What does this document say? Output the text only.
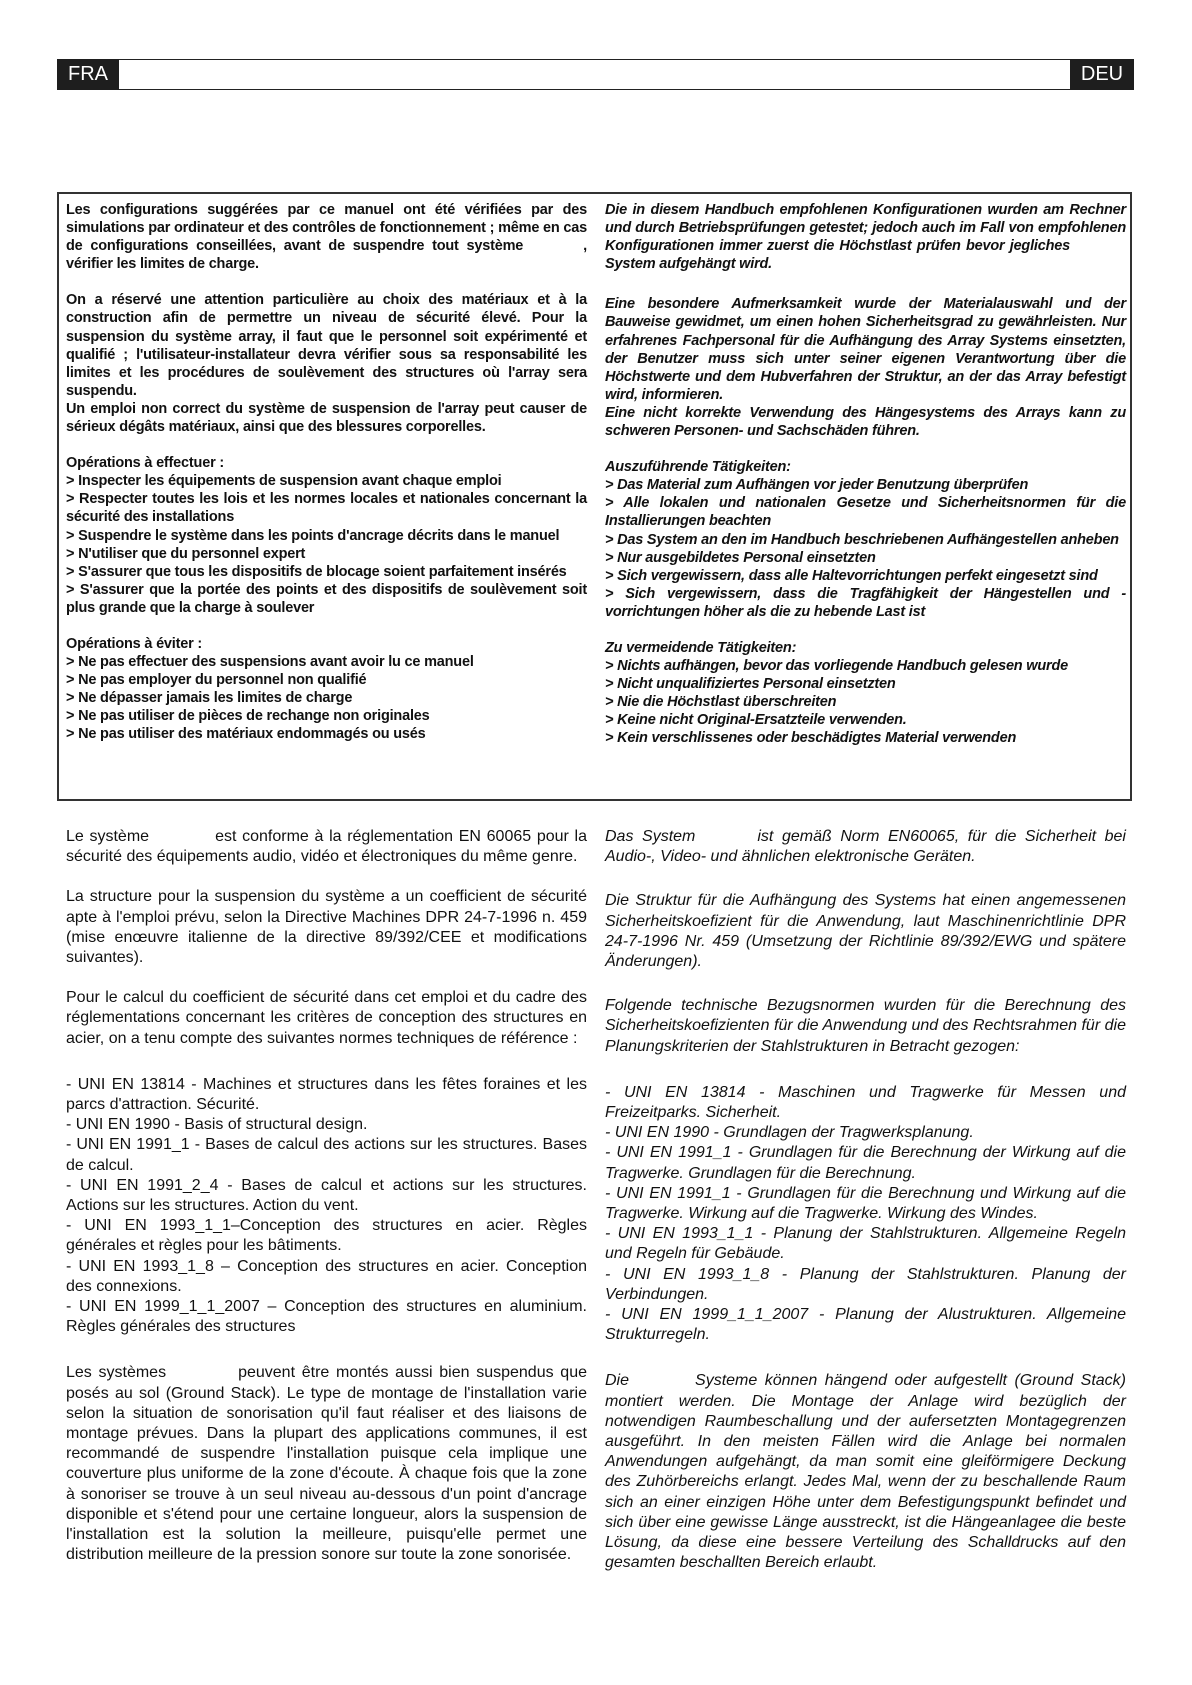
FRA	DEU

Les configurations suggérées par ce manuel ont été vérifiées par des simulations par ordinateur et des contrôles de fonctionnement ; même en cas de configurations conseillées, avant de suspendre tout système	, vérifier les limites de charge.

On a réservé une attention particulière au choix des matériaux et à la construction afin de permettre un niveau de sécurité élevé. Pour la suspension du système array, il faut que le personnel soit expérimenté et qualifié ; l'utilisateur-installateur devra vérifier sous sa responsabilité les limites et les procédures de soulèvement des structures où l'array sera suspendu.

Un emploi non correct du système de suspension de l'array peut causer de sérieux dégâts matériaux, ainsi que des blessures corporelles.

Opérations à effectuer :

> Inspecter les équipements de suspension avant chaque emploi

> Respecter toutes les lois et les normes locales et nationales concernant la sécurité des installations

> Suspendre le système dans les points d'ancrage décrits dans le manuel

> N'utiliser que du personnel expert

> S'assurer que tous les dispositifs de blocage soient parfaitement insérés

> S'assurer que la portée des points et des dispositifs de soulèvement soit plus grande que la charge à soulever

Opérations à éviter :

> Ne pas effectuer des suspensions avant avoir lu ce manuel

> Ne pas employer du personnel non qualifié

> Ne dépasser jamais les limites de charge

> Ne pas utiliser de pièces de rechange non originales

> Ne pas utiliser des matériaux endommagés ou usés

Die in diesem Handbuch empfohlenen Konfigurationen wurden am Rechner und durch Betriebsprüfungen getestet; jedoch auch im Fall von empfohlenen Konfigurationen immer zuerst die Höchstlast prüfen bevor jeglichesSystem aufgehängt wird.

Eine besondere Aufmerksamkeit wurde der Materialauswahl und der Bauweise gewidmet, um einen hohen Sicherheitsgrad zu gewährleisten. Nur erfahrenes Fachpersonal für die Aufhängung des Array Systems einsetzten, der Benutzer muss sich unter seiner eigenen Verantwortung über die Höchstwerte und dem Hubverfahren der Struktur, an der das Array befestigt wird, informieren.

Eine nicht korrekte Verwendung des Hängesystems des Arrays kann zu schweren Personen- und Sachschäden führen.

Auszuführende Tätigkeiten:

> Das Material zum Aufhängen vor jeder Benutzung überprüfen

> Alle lokalen und nationalen Gesetze und Sicherheitsnormen für die Installierungen beachten

> Das System an den im Handbuch beschriebenen Aufhängestellen anheben

> Nur ausgebildetes Personal einsetzten

> Sich vergewissern, dass alle Haltevorrichtungen perfekt eingesetzt sind

> Sich vergewissern, dass die Tragfähigkeit der Hängestellen und -vorrichtungen höher als die zu hebende Last ist

Zu vermeidende Tätigkeiten:

> Nichts aufhängen, bevor das vorliegende Handbuch gelesen wurde

> Nicht unqualifiziertes Personal einsetzten

> Nie die Höchstlast überschreiten

> Keine nicht Original-Ersatzteile verwenden.

> Kein verschlissenes oder beschädigtes Material verwenden

Le système	est conforme à la réglementation EN 60065 pour la sécurité des équipements audio, vidéo et électroniques du même genre.

La structure pour la suspension du système a un coefficient de sécurité apte à l'emploi prévu, selon la Directive Machines DPR 24-7-1996 n. 459 (mise enœuvre italienne de la directive 89/392/CEE et modifications suivantes).

Pour le calcul du coefficient de sécurité dans cet emploi et du cadre des réglementations concernant les critères de conception des structures en acier, on a tenu compte des suivantes normes techniques de référence :

- UNI EN 13814 - Machines et structures dans les fêtes foraines et les parcs d'attraction. Sécurité.

- UNI EN 1990 - Basis of structural design.

- UNI EN 1991_1 - Bases de calcul des actions sur les structures. Bases de calcul.

- UNI EN 1991_2_4 - Bases de calcul et actions sur les structures. Actions sur les structures. Action du vent.

- UNI EN 1993_1_1–Conception des structures en acier. Règles générales et règles pour les bâtiments.

- UNI EN 1993_1_8 – Conception des structures en acier. Conception des connexions.

- UNI EN 1999_1_1_2007 – Conception des structures en aluminium. Règles générales des structures

Les systèmes	peuvent être montés aussi bien suspendus que posés au sol (Ground Stack). Le type de montage de l'installation varie selon la situation de sonorisation qu'il faut réaliser et des liaisons de montage prévues. Dans la plupart des applications communes, il est recommandé de suspendre l'installation puisque cela implique une couverture plus uniforme de la zone d'écoute. À chaque fois que la zone à sonoriser se trouve à un seul niveau au-dessous d'un point d'ancrage disponible et s'étend pour une certaine longueur, alors la suspension de l'installation est la solution la meilleure, puisqu'elle permet une distribution meilleure de la pression sonore sur toute la zone sonorisée.

Das System	ist gemäß Norm EN60065, für die Sicherheit bei Audio-, Video- und ähnlichen elektronische Geräten.

Die Struktur für die Aufhängung des Systems hat einen angemessenen Sicherheitskoefizient für die Anwendung, laut Maschinenrichtlinie DPR 24-7-1996 Nr. 459 (Umsetzung der Richtlinie 89/392/EWG und spätere Änderungen).

Folgende technische Bezugsnormen wurden für die Berechnung des Sicherheitskoefizienten für die Anwendung und des Rechtsrahmen für die Planungskriterien der Stahlstrukturen in Betracht gezogen:

- UNI EN 13814 - Maschinen und Tragwerke für Messen und Freizeitparks. Sicherheit.

- UNI EN 1990 - Grundlagen der Tragwerksplanung.

- UNI EN 1991_1 - Grundlagen für die Berechnung der Wirkung auf die Tragwerke. Grundlagen für die Berechnung.

- UNI EN 1991_1 - Grundlagen für die Berechnung und Wirkung auf die Tragwerke. Wirkung auf die Tragwerke. Wirkung des Windes.

- UNI EN 1993_1_1 - Planung der Stahlstrukturen. Allgemeine Regeln und Regeln für Gebäude.

- UNI EN 1993_1_8 - Planung der Stahlstrukturen. Planung der Verbindungen.

- UNI EN 1999_1_1_2007 - Planung der Alustrukturen. Allgemeine Strukturregeln.

Die	Systeme können hängend oder aufgestellt (Ground Stack) montiert werden. Die Montage der Anlage wird bezüglich der notwendigen Raumbeschallung und der aufersetzten Montagegrenzen ausgeführt. In den meisten Fällen wird die Anlage bei normalen Anwendungen aufgehängt, da man somit eine gleiförmigere Deckung des Zuhörbereichs erlangt. Jedes Mal, wenn der zu beschallende Raum sich an einer einzigen Höhe unter dem Befestigungspunkt befindet und sich über eine gewisse Länge ausstreckt, ist die Hängeanlagee die beste Lösung, da diese eine bessere Verteilung des Schalldrucks auf den gesamten beschallten Bereich erlaubt.
